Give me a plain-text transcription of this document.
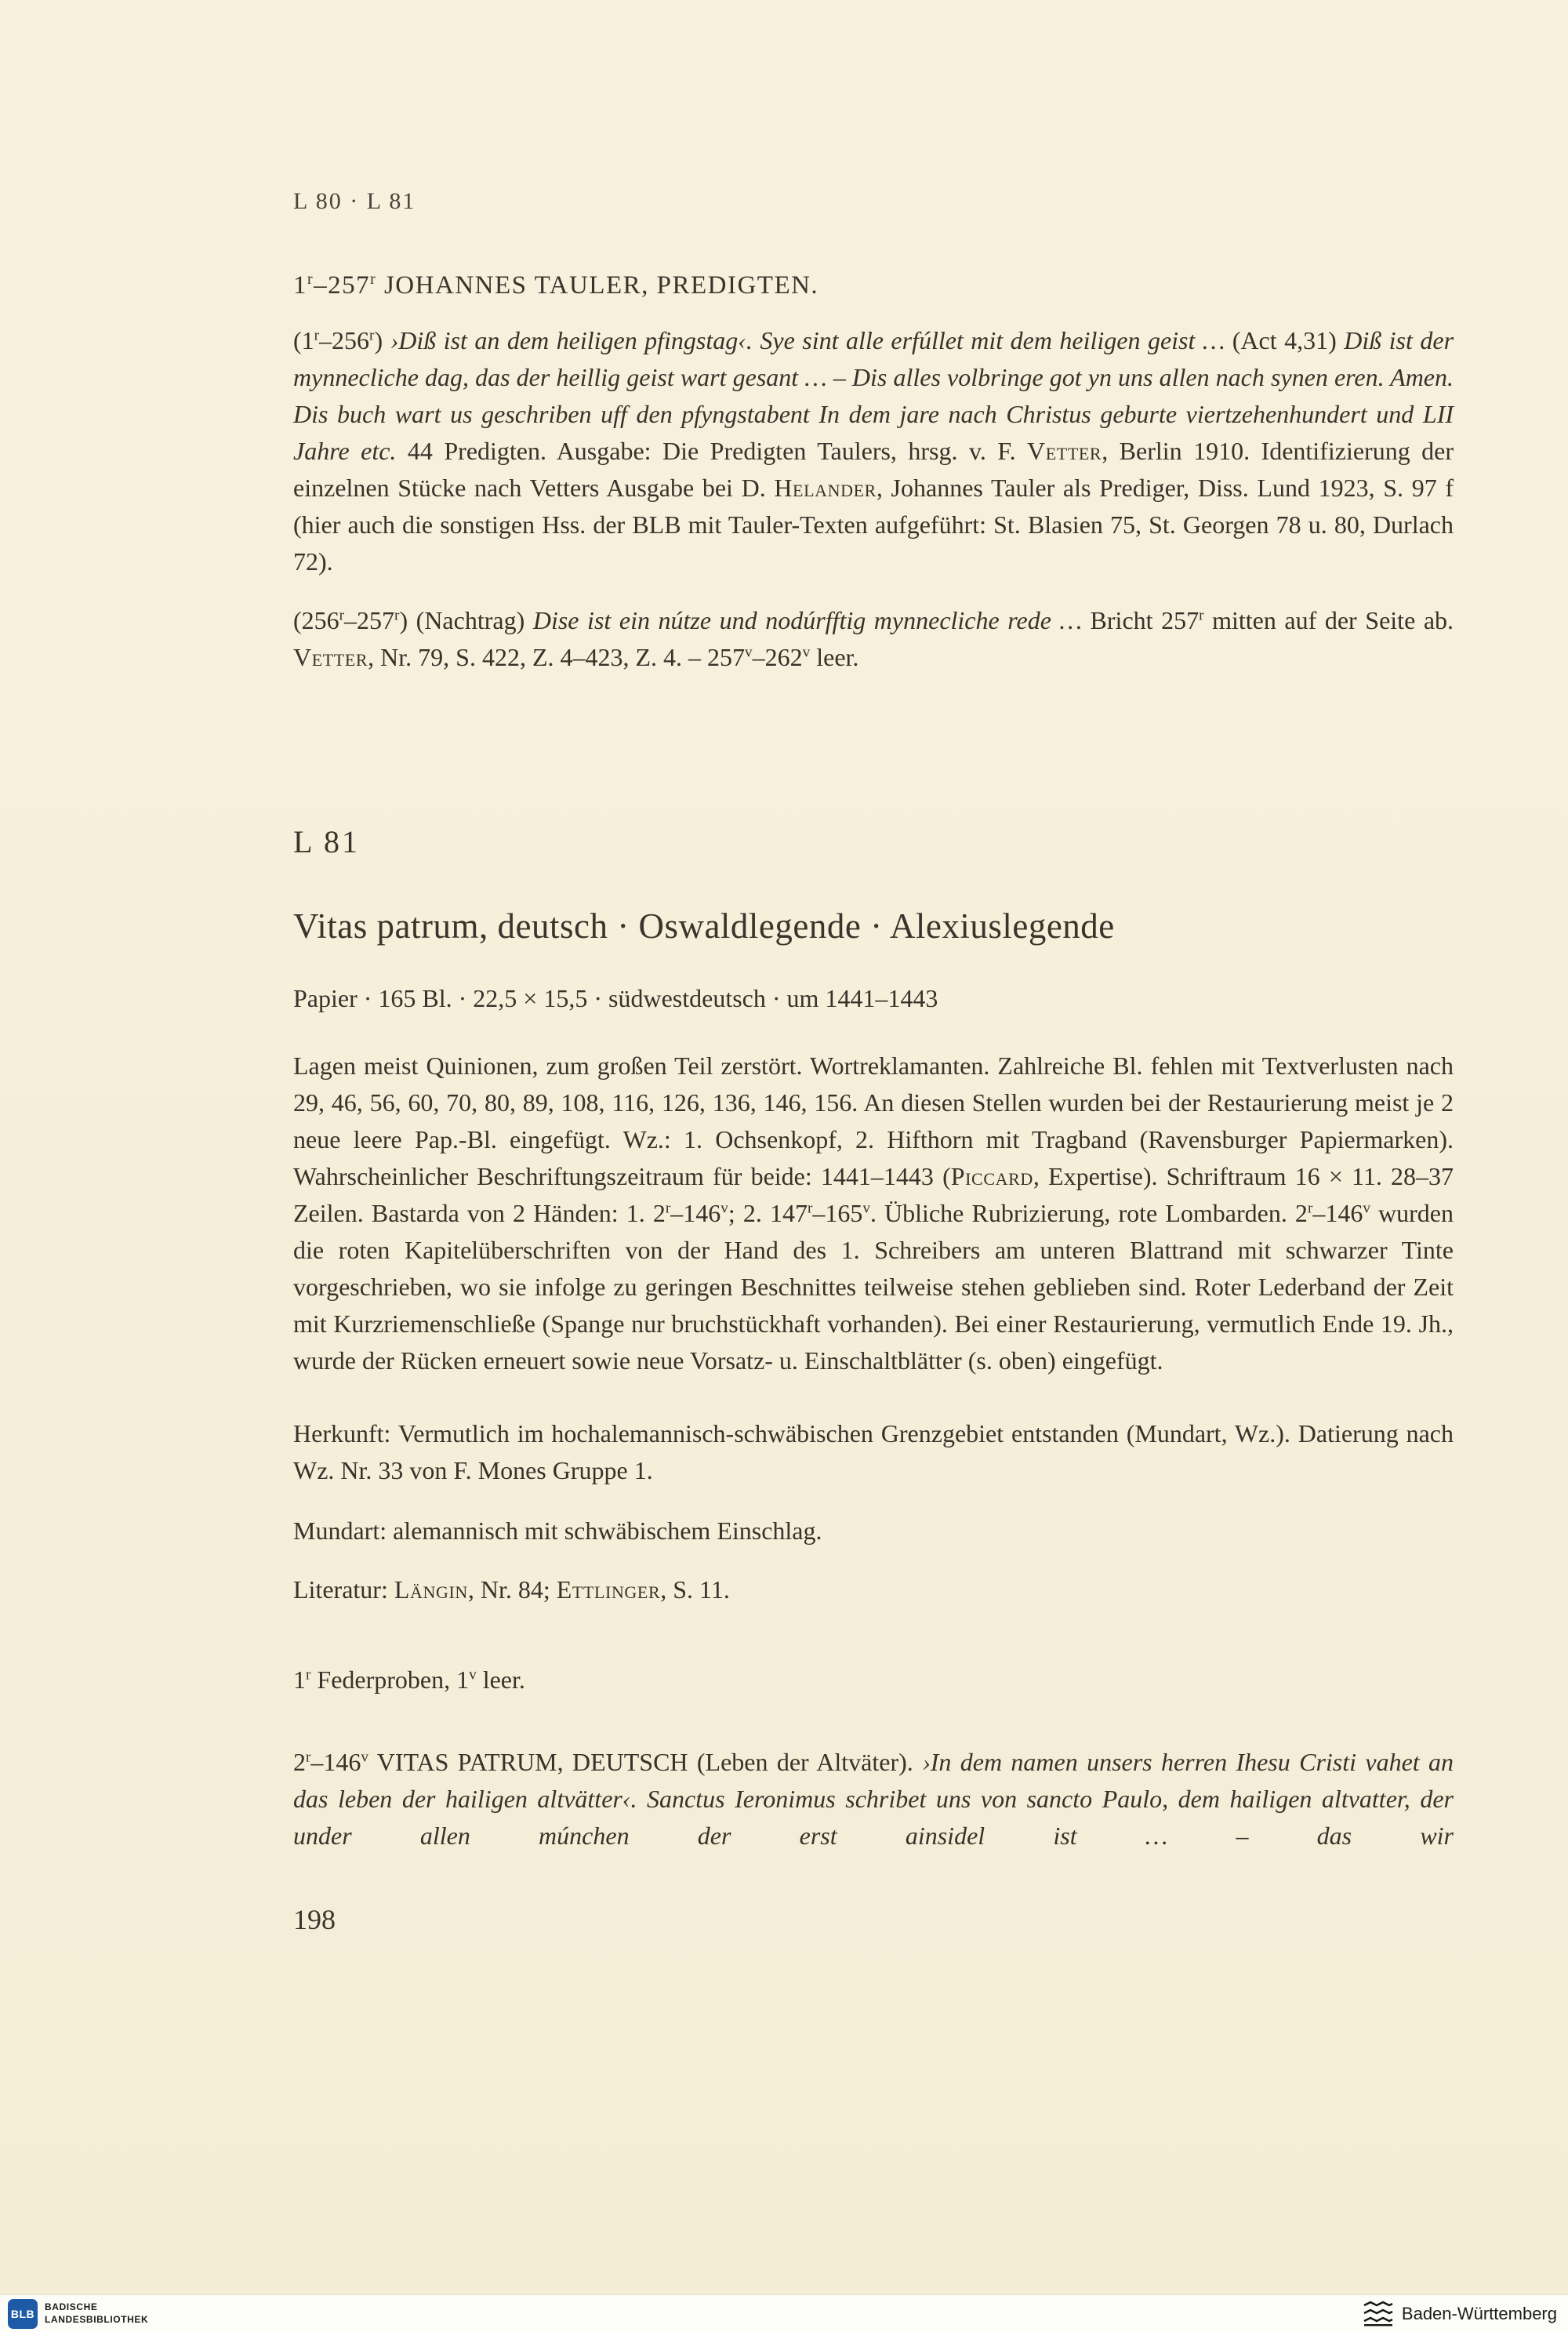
L 80 · L 81
1$^r$–257$^r$ JOHANNES TAULER, PREDIGTEN.

(1$^r$–256$^r$) ›Diß ist an dem heiligen pfingstag‹. Sye sint alle erfúllet mit dem heiligen geist … (Act 4,31) Diß ist der mynnecliche dag, das der heillig geist wart gesant … – Dis alles volbringe got yn uns allen nach synen eren. Amen. Dis buch wart us geschriben uff den pfyngstabent In dem jare nach Christus geburte viertzehenhundert und LII Jahre etc. 44 Predigten. Ausgabe: Die Predigten Taulers, hrsg. v. F. Vetter, Berlin 1910. Identifizierung der einzelnen Stücke nach Vetters Ausgabe bei D. Helander, Johannes Tauler als Prediger, Diss. Lund 1923, S. 97 f (hier auch die sonstigen Hss. der BLB mit Tauler-Texten aufgeführt: St. Blasien 75, St. Georgen 78 u. 80, Durlach 72).

(256$^r$–257$^r$) (Nachtrag) Dise ist ein nútze und nodúrfftig mynnecliche rede … Bricht 257$^r$ mitten auf der Seite ab. Vetter, Nr. 79, S. 422, Z. 4–423, Z. 4. – 257$^v$–262$^v$ leer.

L 81
Vitas patrum, deutsch · Oswaldlegende · Alexiuslegende
Papier · 165 Bl. · 22,5 × 15,5 · südwestdeutsch · um 1441–1443

Lagen meist Quinionen, zum großen Teil zerstört. Wortreklamanten. Zahlreiche Bl. fehlen mit Textverlusten nach 29, 46, 56, 60, 70, 80, 89, 108, 116, 126, 136, 146, 156. An diesen Stellen wurden bei der Restaurierung meist je 2 neue leere Pap.-Bl. eingefügt. Wz.: 1. Ochsenkopf, 2. Hifthorn mit Tragband (Ravensburger Papiermarken). Wahrscheinlicher Beschriftungszeitraum für beide: 1441–1443 (Piccard, Expertise). Schriftraum 16 × 11. 28–37 Zeilen. Bastarda von 2 Händen: 1. 2$^r$–146$^v$; 2. 147$^r$–165$^v$. Übliche Rubrizierung, rote Lombarden. 2$^r$–146$^v$ wurden die roten Kapitelüberschriften von der Hand des 1. Schreibers am unteren Blattrand mit schwarzer Tinte vorgeschrieben, wo sie infolge zu geringen Beschnittes teilweise stehen geblieben sind. Roter Lederband der Zeit mit Kurzriemenschließe (Spange nur bruchstückhaft vorhanden). Bei einer Restaurierung, vermutlich Ende 19. Jh., wurde der Rücken erneuert sowie neue Vorsatz- u. Einschaltblätter (s. oben) eingefügt.

Herkunft: Vermutlich im hochalemannisch-schwäbischen Grenzgebiet entstanden (Mundart, Wz.). Datierung nach Wz. Nr. 33 von F. Mones Gruppe 1.

Mundart: alemannisch mit schwäbischem Einschlag.

Literatur: Längin, Nr. 84; Ettlinger, S. 11.

1$^r$ Federproben, 1$^v$ leer.

2$^r$–146$^v$ VITAS PATRUM, DEUTSCH (Leben der Altväter). ›In dem namen unsers herren Ihesu Cristi vahet an das leben der hailigen altvätter‹. Sanctus Ieronimus schribet uns von sancto Paulo, dem hailigen altvatter, der under allen múnchen der erst ainsidel ist … – das wir

198
BLB
BADISCHE
LANDESBIBLIOTHEK	Baden-Württemberg
